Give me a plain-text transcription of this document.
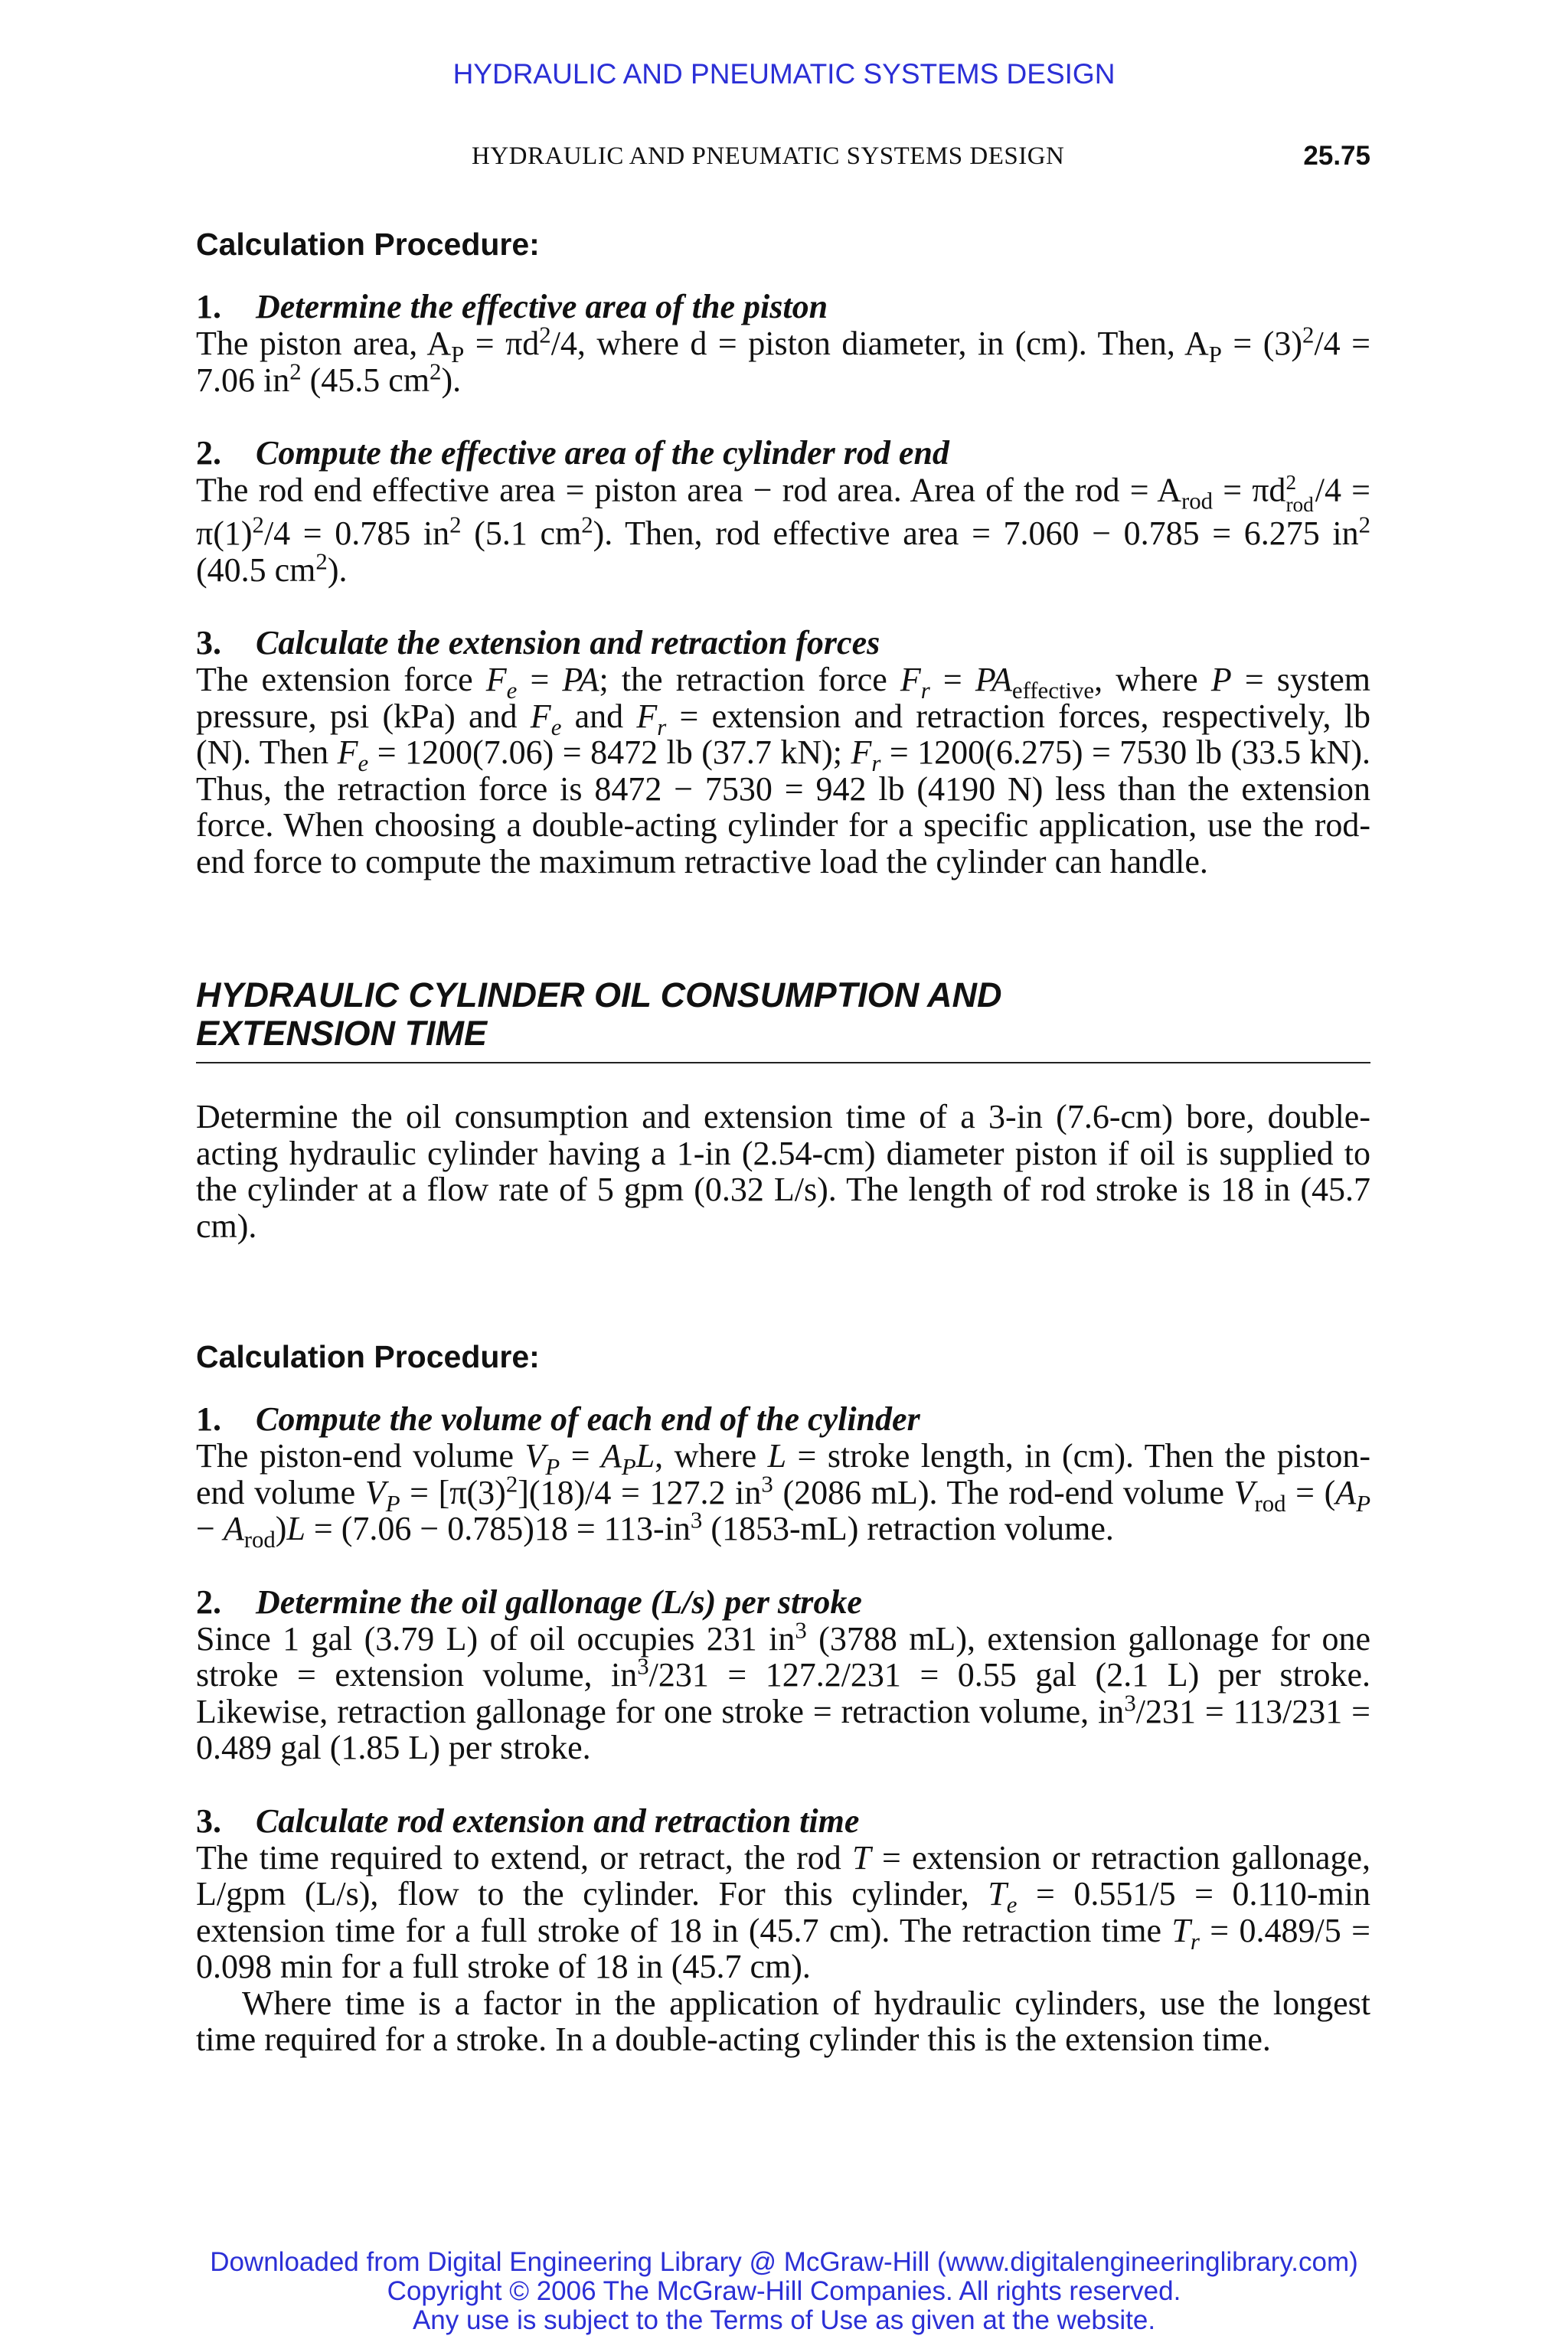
HYDRAULIC AND PNEUMATIC SYSTEMS DESIGN
HYDRAULIC AND PNEUMATIC SYSTEMS DESIGN	25.75
Calculation Procedure:
1. Determine the effective area of the piston
The piston area, $A_P = \pi d^2/4$, where d = piston diameter, in (cm). Then, $A_P = (3)^2/4 = 7.06$ $in^2$ (45.5 $cm^2$).
2. Compute the effective area of the cylinder rod end
The rod end effective area = piston area − rod area. Area of the rod = $A_{rod} = \pi d$ 2
rod $/4 = \pi(1)^2/4 = 0.785$ $in^2$ (5.1 $cm^2$). Then, rod effective area = 7.060 − 0.785 = 6.275 $in^2$ (40.5 $cm^2$).
3. Calculate the extension and retraction forces
The extension force $F_e$ = PA; the retraction force $F_r = PA_{effective}$, where P = system pressure, psi (kPa) and $F_e$ and $F_r$ = extension and retraction forces, respectively, lb (N). Then $F_e = 1200(7.06) = 8472$ lb (37.7 kN); $F_r = 1200(6.275) = 7530$ lb (33.5 kN). Thus, the retraction force is 8472 − 7530 = 942 lb (4190 N) less than the extension force. When choosing a double-acting cylinder for a specific application, use the rod-end force to compute the maximum retractive load the cylinder can handle.
HYDRAULIC CYLINDER OIL CONSUMPTION AND
EXTENSION TIME
Determine the oil consumption and extension time of a 3-in (7.6-cm) bore, double-acting hydraulic cylinder having a 1-in (2.54-cm) diameter piston if oil is supplied to the cylinder at a flow rate of 5 gpm (0.32 L/s). The length of rod stroke is 18 in (45.7 cm).
Calculation Procedure:
1. Compute the volume of each end of the cylinder
The piston-end volume $V_P = A_PL$, where L = stroke length, in (cm). Then the piston-end volume $V_P = [\pi(3)^2](18)/4 = 127.2$ $in^3$ (2086 mL). The rod-end volume $V_{rod} = (A_P - A_{rod})L = (7.06 - 0.785)18 = 113-in^3$ (1853-mL) retraction volume.
2. Determine the oil gallonage (L/s) per stroke
Since 1 gal (3.79 L) of oil occupies 231 $in^3$ (3788 mL), extension gallonage for one stroke = extension volume, $in^3/231 = 127.2/231 = 0.55$ gal (2.1 L) per stroke. Likewise, retraction gallonage for one stroke = retraction volume, $in^3/231 = 113/231 = 0.489$ gal (1.85 L) per stroke.
3. Calculate rod extension and retraction time
The time required to extend, or retract, the rod T = extension or retraction gallonage, L/gpm (L/s), flow to the cylinder. For this cylinder, $T_e = 0.551/5 = 0.110-\min$ extension time for a full stroke of 18 in (45.7 cm). The retraction time $T_r = 0.489/5 = 0.098$ min for a full stroke of 18 in (45.7 cm).
Where time is a factor in the application of hydraulic cylinders, use the longest time required for a stroke. In a double-acting cylinder this is the extension time.
Downloaded from Digital Engineering Library @ McGraw-Hill (www.digitalengineeringlibrary.com)
Copyright © 2006 The McGraw-Hill Companies. All rights reserved.
Any use is subject to the Terms of Use as given at the website.
